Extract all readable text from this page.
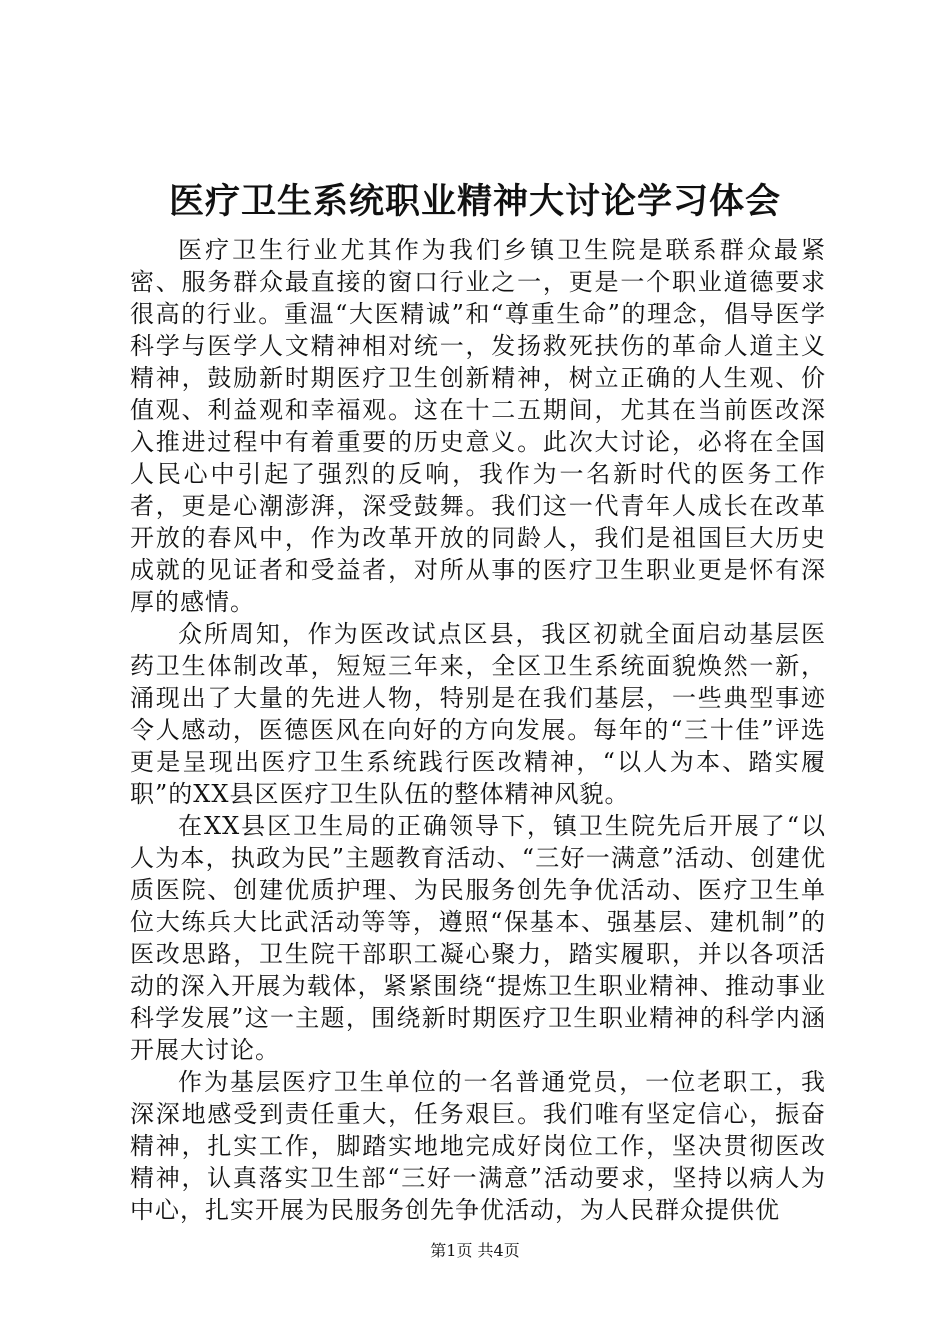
医疗卫生系统职业精神大讨论学习体会

医疗卫生行业尤其作为我们乡镇卫生院是联系群众最紧密、服务群众最直接的窗口行业之一，更是一个职业道德要求很高的行业。重温“大医精诚”和“尊重生命”的理念，倡导医学科学与医学人文精神相对统一，发扬救死扶伤的革命人道主义精神，鼓励新时期医疗卫生创新精神，树立正确的人生观、价值观、利益观和幸福观。这在十二五期间，尤其在当前医改深入推进过程中有着重要的历史意义。此次大讨论，必将在全国人民心中引起了强烈的反响，我作为一名新时代的医务工作者，更是心潮澎湃，深受鼓舞。我们这一代青年人成长在改革开放的春风中，作为改革开放的同龄人，我们是祖国巨大历史成就的见证者和受益者，对所从事的医疗卫生职业更是怀有深厚的感情。

众所周知，作为医改试点区县，我区初就全面启动基层医药卫生体制改革，短短三年来，全区卫生系统面貌焕然一新，涌现出了大量的先进人物，特别是在我们基层，一些典型事迹令人感动，医德医风在向好的方向发展。每年的“三十佳”评选更是呈现出医疗卫生系统践行医改精神，“以人为本、踏实履职”的XX县区医疗卫生队伍的整体精神风貌。

在XX县区卫生局的正确领导下，镇卫生院先后开展了“以人为本，执政为民”主题教育活动、“三好一满意”活动、创建优质医院、创建优质护理、为民服务创先争优活动、医疗卫生单位大练兵大比武活动等等，遵照“保基本、强基层、建机制”的医改思路，卫生院干部职工凝心聚力，踏实履职，并以各项活动的深入开展为载体，紧紧围绕“提炼卫生职业精神、推动事业科学发展”这一主题，围绕新时期医疗卫生职业精神的科学内涵开展大讨论。

作为基层医疗卫生单位的一名普通党员，一位老职工，我深深地感受到责任重大，任务艰巨。我们唯有坚定信心，振奋精神，扎实工作，脚踏实地地完成好岗位工作，坚决贯彻医改精神，认真落实卫生部“三好一满意”活动要求，坚持以病人为中心，扎实开展为民服务创先争优活动，为人民群众提供优

第1页 共4页
